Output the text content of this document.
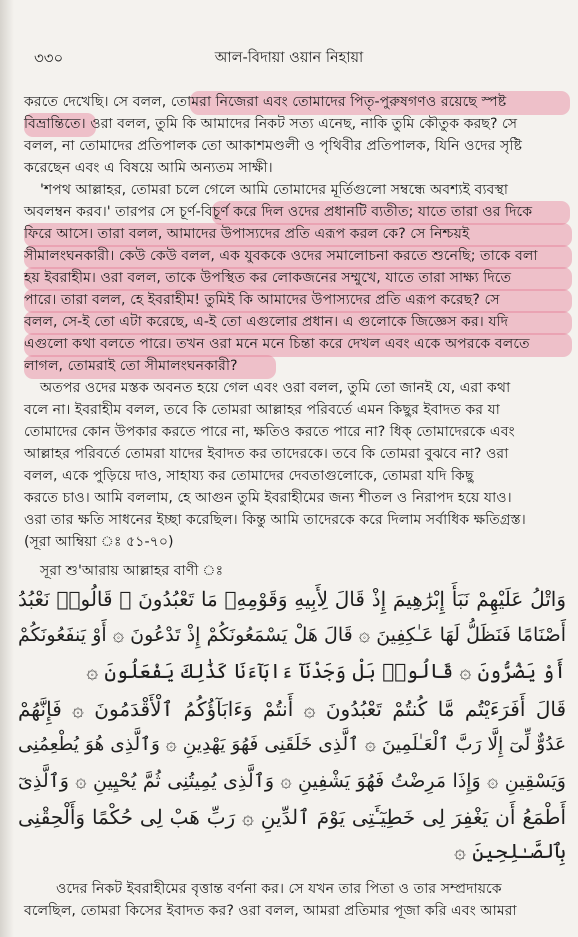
৩৩০	আল-বিদায়া ওয়ান নিহায়া
করতে দেখেছি। সে বলল, তোমরা নিজেরা এবং তোমাদের পিতৃ-পুরুষগণও রয়েছে স্পষ্ট
বিভ্রান্তিতে। ওরা বলল, তুমি কি আমাদের নিকট সত্য এনেছ, নাকি তুমি কৌতুক করছ? সে
বলল, না তোমাদের প্রতিপালক তো আকাশমণ্ডলী ও পৃথিবীর প্রতিপালক, যিনি ওদের সৃষ্টি
করেছেন এবং এ বিষয়ে আমি অন্যতম সাক্ষী।
'শপথ আল্লাহর, তোমরা চলে গেলে আমি তোমাদের মূর্তিগুলো সম্বন্ধে অবশ্যই ব্যবস্থা
অবলম্বন করব।' তারপর সে চূর্ণ-বিচূর্ণ করে দিল ওদের প্রধানটি ব্যতীত; যাতে তারা ওর দিকে
ফিরে আসে। তারা বলল, আমাদের উপাস্যদের প্রতি এরূপ করল কে? সে নিশ্চয়ই
সীমালংঘনকারী। কেউ কেউ বলল, এক যুবককে ওদের সমালোচনা করতে শুনেছি; তাকে বলা
হয় ইবরাহীম। ওরা বলল, তাকে উপস্থিত কর লোকজনের সম্মুখে, যাতে তারা সাক্ষ্য দিতে
পারে। তারা বলল, হে ইবরাহীম! তুমিই কি আমাদের উপাস্যদের প্রতি এরূপ করেছ? সে
বলল, সে-ই তো এটা করেছে, এ-ই তো এগুলোর প্রধান। এ গুলোকে জিজ্ঞেস কর। যদি
এগুলো কথা বলতে পারে। তখন ওরা মনে মনে চিন্তা করে দেখল এবং একে অপরকে বলতে
লাগল, তোমরাই তো সীমালংঘনকারী?
অতপর ওদের মস্তক অবনত হয়ে গেল এবং ওরা বলল, তুমি তো জানই যে, এরা কথা
বলে না। ইবরাহীম বলল, তবে কি তোমরা আল্লাহর পরিবর্তে এমন কিছুর ইবাদত কর যা
তোমাদের কোন উপকার করতে পারে না, ক্ষতিও করতে পারে না? ধিক্ তোমাদেরকে এবং
আল্লাহর পরিবর্তে তোমরা যাদের ইবাদত কর তাদেরকে। তবে কি তোমরা বুঝবে না? ওরা
বলল, একে পুড়িয়ে দাও, সাহায্য কর তোমাদের দেবতাগুলোকে, তোমরা যদি কিছু
করতে চাও। আমি বললাম, হে আগুন তুমি ইবরাহীমের জন্য শীতল ও নিরাপদ হয়ে যাও।
ওরা তার ক্ষতি সাধনের ইচ্ছা করেছিল। কিন্তু আমি তাদেরকে করে দিলাম সর্বাধিক ক্ষতিগ্রস্ত।
(সূরা আম্বিয়া ঃ ৫১-৭০)
সূরা শু'আরায় আল্লাহর বাণী ঃ
وَاتْلُ عَلَيْهِمْ نَبَأَ إِبْرَٰهِيمَ إِذْ قَالَ لِأَبِيهِ وَقَوْمِهِۦ مَا تَعْبُدُونَ ۞ قَالُوا۟ نَعْبُدُ
أَصْنَامًا فَنَظَلُّ لَهَا عَـٰكِفِينَ ۞ قَالَ هَلْ يَسْمَعُونَكُمْ إِذْ تَدْعُونَ ۞ أَوْ يَنفَعُونَكُمْ
أَوْ يَضُرُّونَ ۞ قَالُوا۟ بَلْ وَجَدْنَآ ءَابَآءَنَا كَذَٰلِكَ يَفْعَلُونَ ۞
قَالَ أَفَرَءَيْتُم مَّا كُنتُمْ تَعْبُدُونَ ۞ أَنتُمْ وَءَابَآؤُكُمُ ٱلْأَقْدَمُونَ ۞ فَإِنَّهُمْ
عَدُوٌّ لِّىٓ إِلَّا رَبَّ ٱلْعَـٰلَمِينَ ۞ ٱلَّذِى خَلَقَنِى فَهُوَ يَهْدِينِ ۞ وَٱلَّذِى هُوَ يُطْعِمُنِى
وَيَسْقِينِ ۞ وَإِذَا مَرِضْتُ فَهُوَ يَشْفِينِ ۞ وَٱلَّذِى يُمِيتُنِى ثُمَّ يُحْيِينِ ۞ وَٱلَّذِىٓ
أَطْمَعُ أَن يَغْفِرَ لِى خَطِيٓـَٔتِى يَوْمَ ٱلدِّينِ ۞ رَبِّ هَبْ لِى حُكْمًا وَأَلْحِقْنِى
بِٱلصَّـٰلِحِينَ ۞
ওদের নিকট ইবরাহীমের বৃত্তান্ত বর্ণনা কর। সে যখন তার পিতা ও তার সম্প্রদায়কে
বলেছিল, তোমরা কিসের ইবাদত কর? ওরা বলল, আমরা প্রতিমার পূজা করি এবং আমরা
